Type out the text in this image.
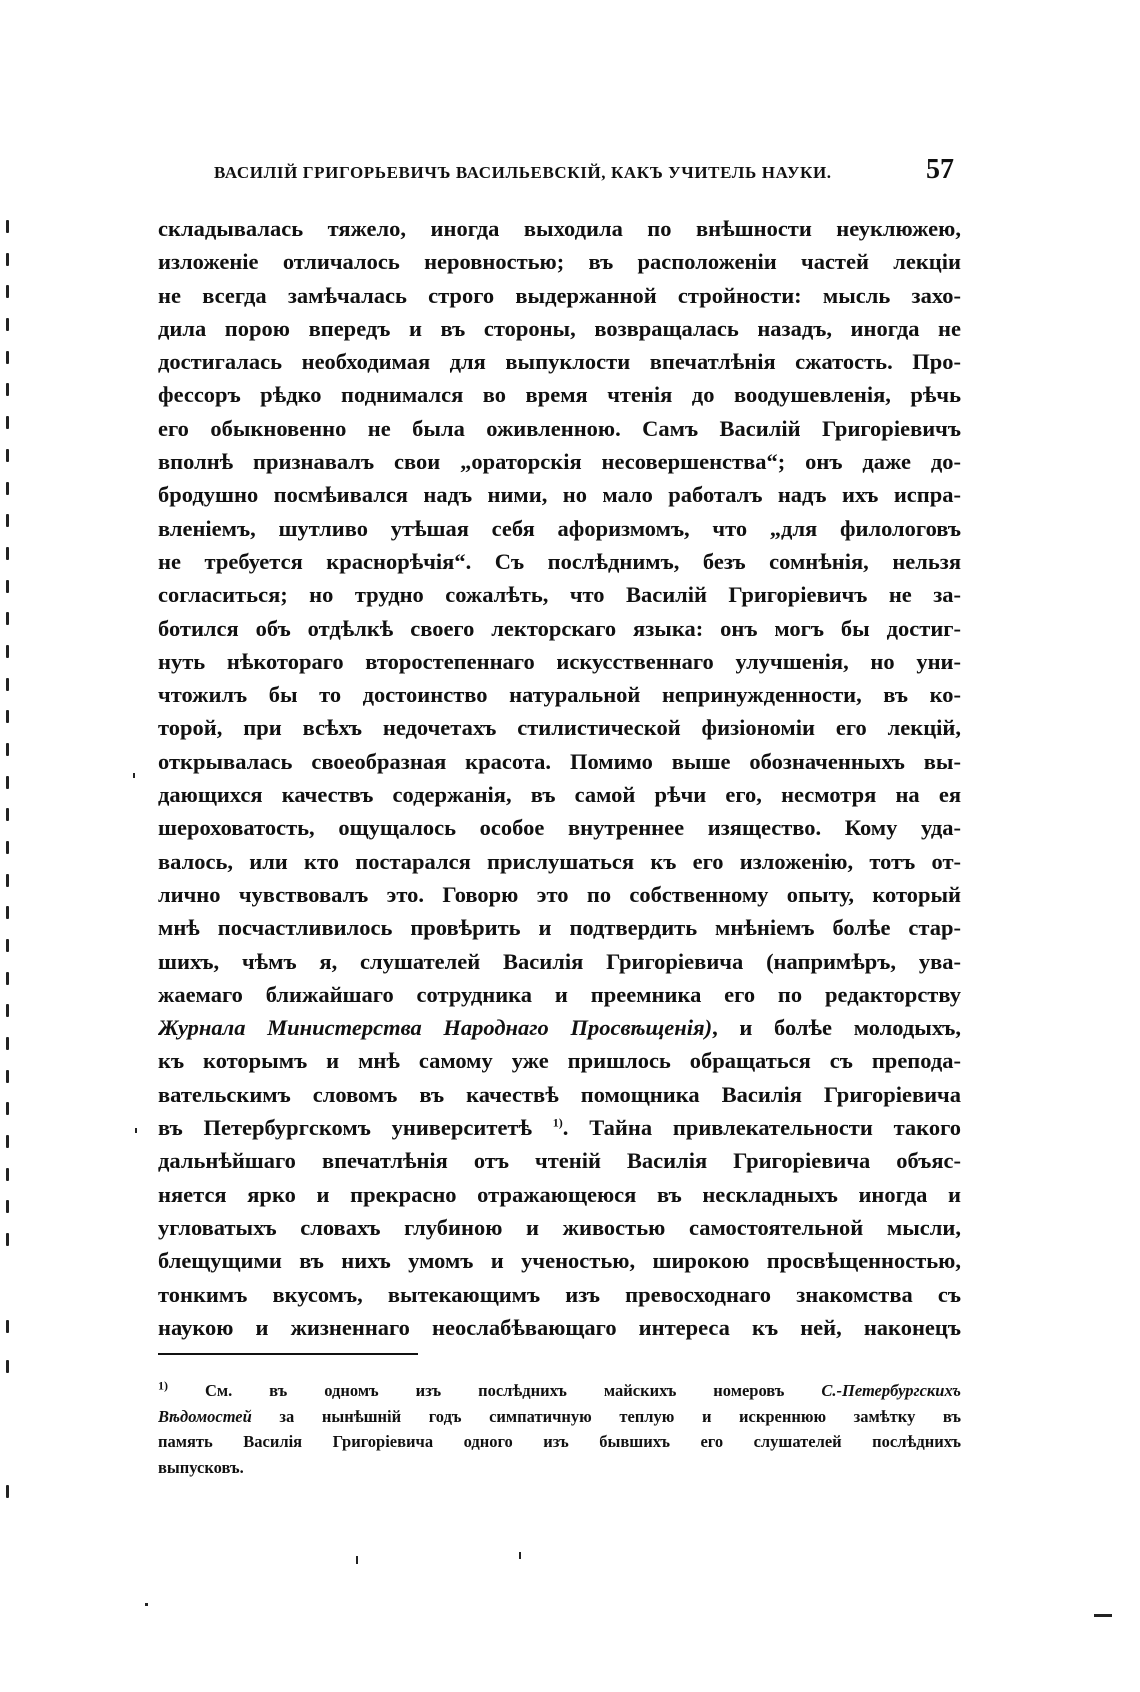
ВАСИЛІЙ ГРИГОРЬЕВИЧЪ ВАСИЛЬЕВСКІЙ, КАКЪ УЧИТЕЛЬ НАУКИ.	57
складывалась тяжело, иногда выходила по внѣшности неуклюжею,
изложеніе отличалось неровностью; въ расположеніи частей лекціи
не всегда замѣчалась строго выдержанной стройности: мысль захо-
дила порою впередъ и въ стороны, возвращалась назадъ, иногда не
достигалась необходимая для выпуклости впечатлѣнія сжатость. Про-
фессоръ рѣдко поднимался во время чтенія до воодушевленія, рѣчь
его обыкновенно не была оживленною. Самъ Василій Григоріевичъ
вполнѣ признавалъ свои „ораторскія несовершенства“; онъ даже до-
бродушно посмѣивался надъ ними, но мало работалъ надъ ихъ испра-
вленіемъ, шутливо утѣшая себя афоризмомъ, что „для филологовъ
не требуется краснорѣчія“. Съ послѣднимъ, безъ сомнѣнія, нельзя
согласиться; но трудно сожалѣть, что Василій Григоріевичъ не за-
ботился объ отдѣлкѣ своего лекторскаго языка: онъ могъ бы достиг-
нуть нѣкотораго второстепеннаго искусственнаго улучшенія, но уни-
чтожилъ бы то достоинство натуральной непринужденности, въ ко-
торой, при всѣхъ недочетахъ стилистической физіономіи его лекцій,
открывалась своеобразная красота. Помимо выше обозначенныхъ вы-
дающихся качествъ содержанія, въ самой рѣчи его, несмотря на ея
шероховатость, ощущалось особое внутреннее изящество. Кому уда-
валось, или кто постарался прислушаться къ его изложенію, тотъ от-
лично чувствовалъ это. Говорю это по собственному опыту, который
мнѣ посчастливилось провѣрить и подтвердить мнѣніемъ болѣе стар-
шихъ, чѣмъ я, слушателей Василія Григоріевича (напримѣръ, ува-
жаемаго ближайшаго сотрудника и преемника его по редакторству
Журнала Министерства Народнаго Просвѣщенія), и болѣе молодыхъ,
къ которымъ и мнѣ самому уже пришлось обращаться съ препода-
вательскимъ словомъ въ качествѣ помощника Василія Григоріевича
въ Петербургскомъ университетѣ $^{1)}$. Тайна привлекательности такого
дальнѣйшаго впечатлѣнія отъ чтеній Василія Григоріевича объяс-
няется ярко и прекрасно отражающеюся въ нескладныхъ иногда и
угловатыхъ словахъ глубиною и живостью самостоятельной мысли,
блещущими въ нихъ умомъ и ученостью, широкою просвѣщенностью,
тонкимъ вкусомъ, вытекающимъ изъ превосходнаго знакомства съ
наукою и жизненнаго неослабѣвающаго интереса къ ней, наконецъ
$^{1)}$ См. въ одномъ изъ послѣднихъ майскихъ номеровъ С.-Петербургскихъ
Вѣдомостей за нынѣшній годъ симпатичную теплую и искреннюю замѣтку въ
память Василія Григоріевича одного изъ бывшихъ его слушателей послѣднихъ
выпусковъ.
